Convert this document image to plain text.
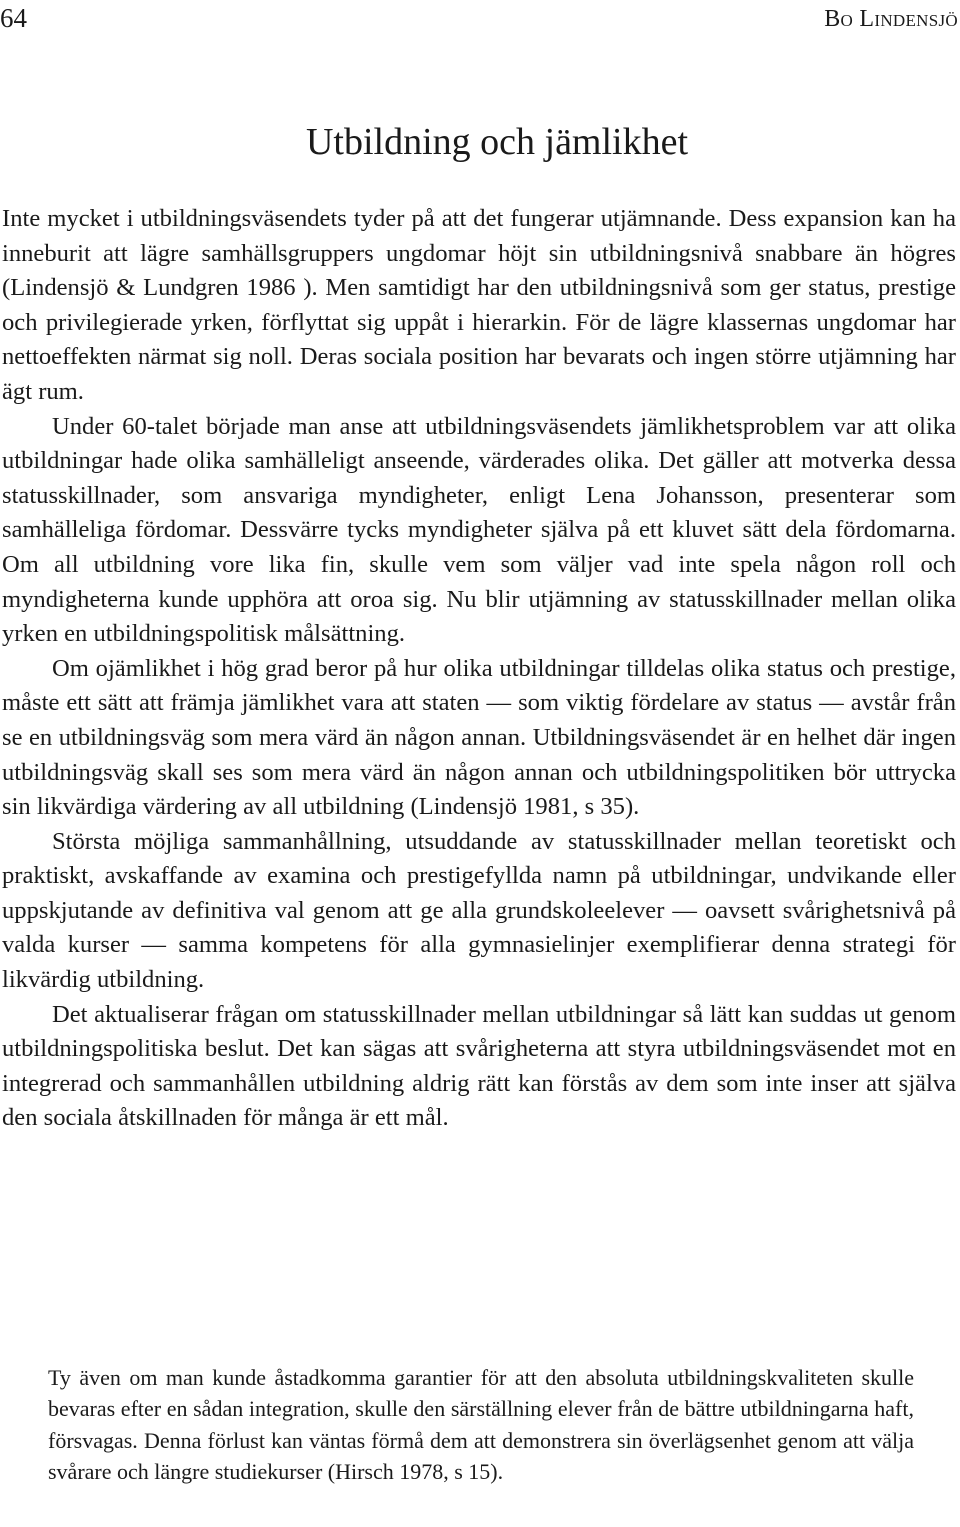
64	Bo Lindensjö
Utbildning och jämlikhet

Inte mycket i utbildningsväsendets tyder på att det fungerar utjämnande. Dess expansion kan ha inneburit att lägre samhällsgruppers ungdomar höjt sin utbildningsnivå snabbare än högres (Lindensjö & Lundgren 1986 ). Men samtidigt har den utbildningsnivå som ger status, prestige och privilegierade yrken, förflyttat sig uppåt i hierarkin. För de lägre klassernas ungdomar har nettoeffekten närmat sig noll. Deras sociala position har bevarats och ingen större utjämning har ägt rum.

Under 60-talet började man anse att utbildningsväsendets jämlikhetsproblem var att olika utbildningar hade olika samhälleligt anseende, värderades olika. Det gäller att motverka dessa statusskillnader, som ansvariga myndigheter, enligt Lena Johansson, presenterar som samhälleliga fördomar. Dessvärre tycks myndigheter själva på ett kluvet sätt dela fördomarna. Om all utbildning vore lika fin, skulle vem som väljer vad inte spela någon roll och myndigheterna kunde upphöra att oroa sig. Nu blir utjämning av statusskillnader mellan olika yrken en utbildningspolitisk målsättning.

Om ojämlikhet i hög grad beror på hur olika utbildningar tilldelas olika status och prestige, måste ett sätt att främja jämlikhet vara att staten — som viktig fördelare av status — avstår från se en utbildningsväg som mera värd än någon annan. Utbildningsväsendet är en helhet där ingen utbildningsväg skall ses som mera värd än någon annan och utbildningspolitiken bör uttrycka sin likvärdiga värdering av all utbildning (Lindensjö 1981, s 35).

Största möjliga sammanhållning, utsuddande av statusskillnader mellan teoretiskt och praktiskt, avskaffande av examina och prestigefyllda namn på utbildningar, undvikande eller uppskjutande av definitiva val genom att ge alla grundskoleelever — oavsett svårighetsnivå på valda kurser — samma kompetens för alla gymnasielinjer exemplifierar denna strategi för likvärdig utbildning.

Det aktualiserar frågan om statusskillnader mellan utbildningar så lätt kan suddas ut genom utbildningspolitiska beslut. Det kan sägas att svårigheterna att styra utbildningsväsendet mot en integrerad och sammanhållen utbildning aldrig rätt kan förstås av dem som inte inser att själva den sociala åtskillnaden för många är ett mål.

Ty även om man kunde åstadkomma garantier för att den absoluta utbildningskvaliteten skulle bevaras efter en sådan integration, skulle den särställning elever från de bättre utbildningarna haft, försvagas. Denna förlust kan väntas förmå dem att demonstrera sin överlägsenhet genom att välja svårare och längre studiekurser (Hirsch 1978, s 15).
